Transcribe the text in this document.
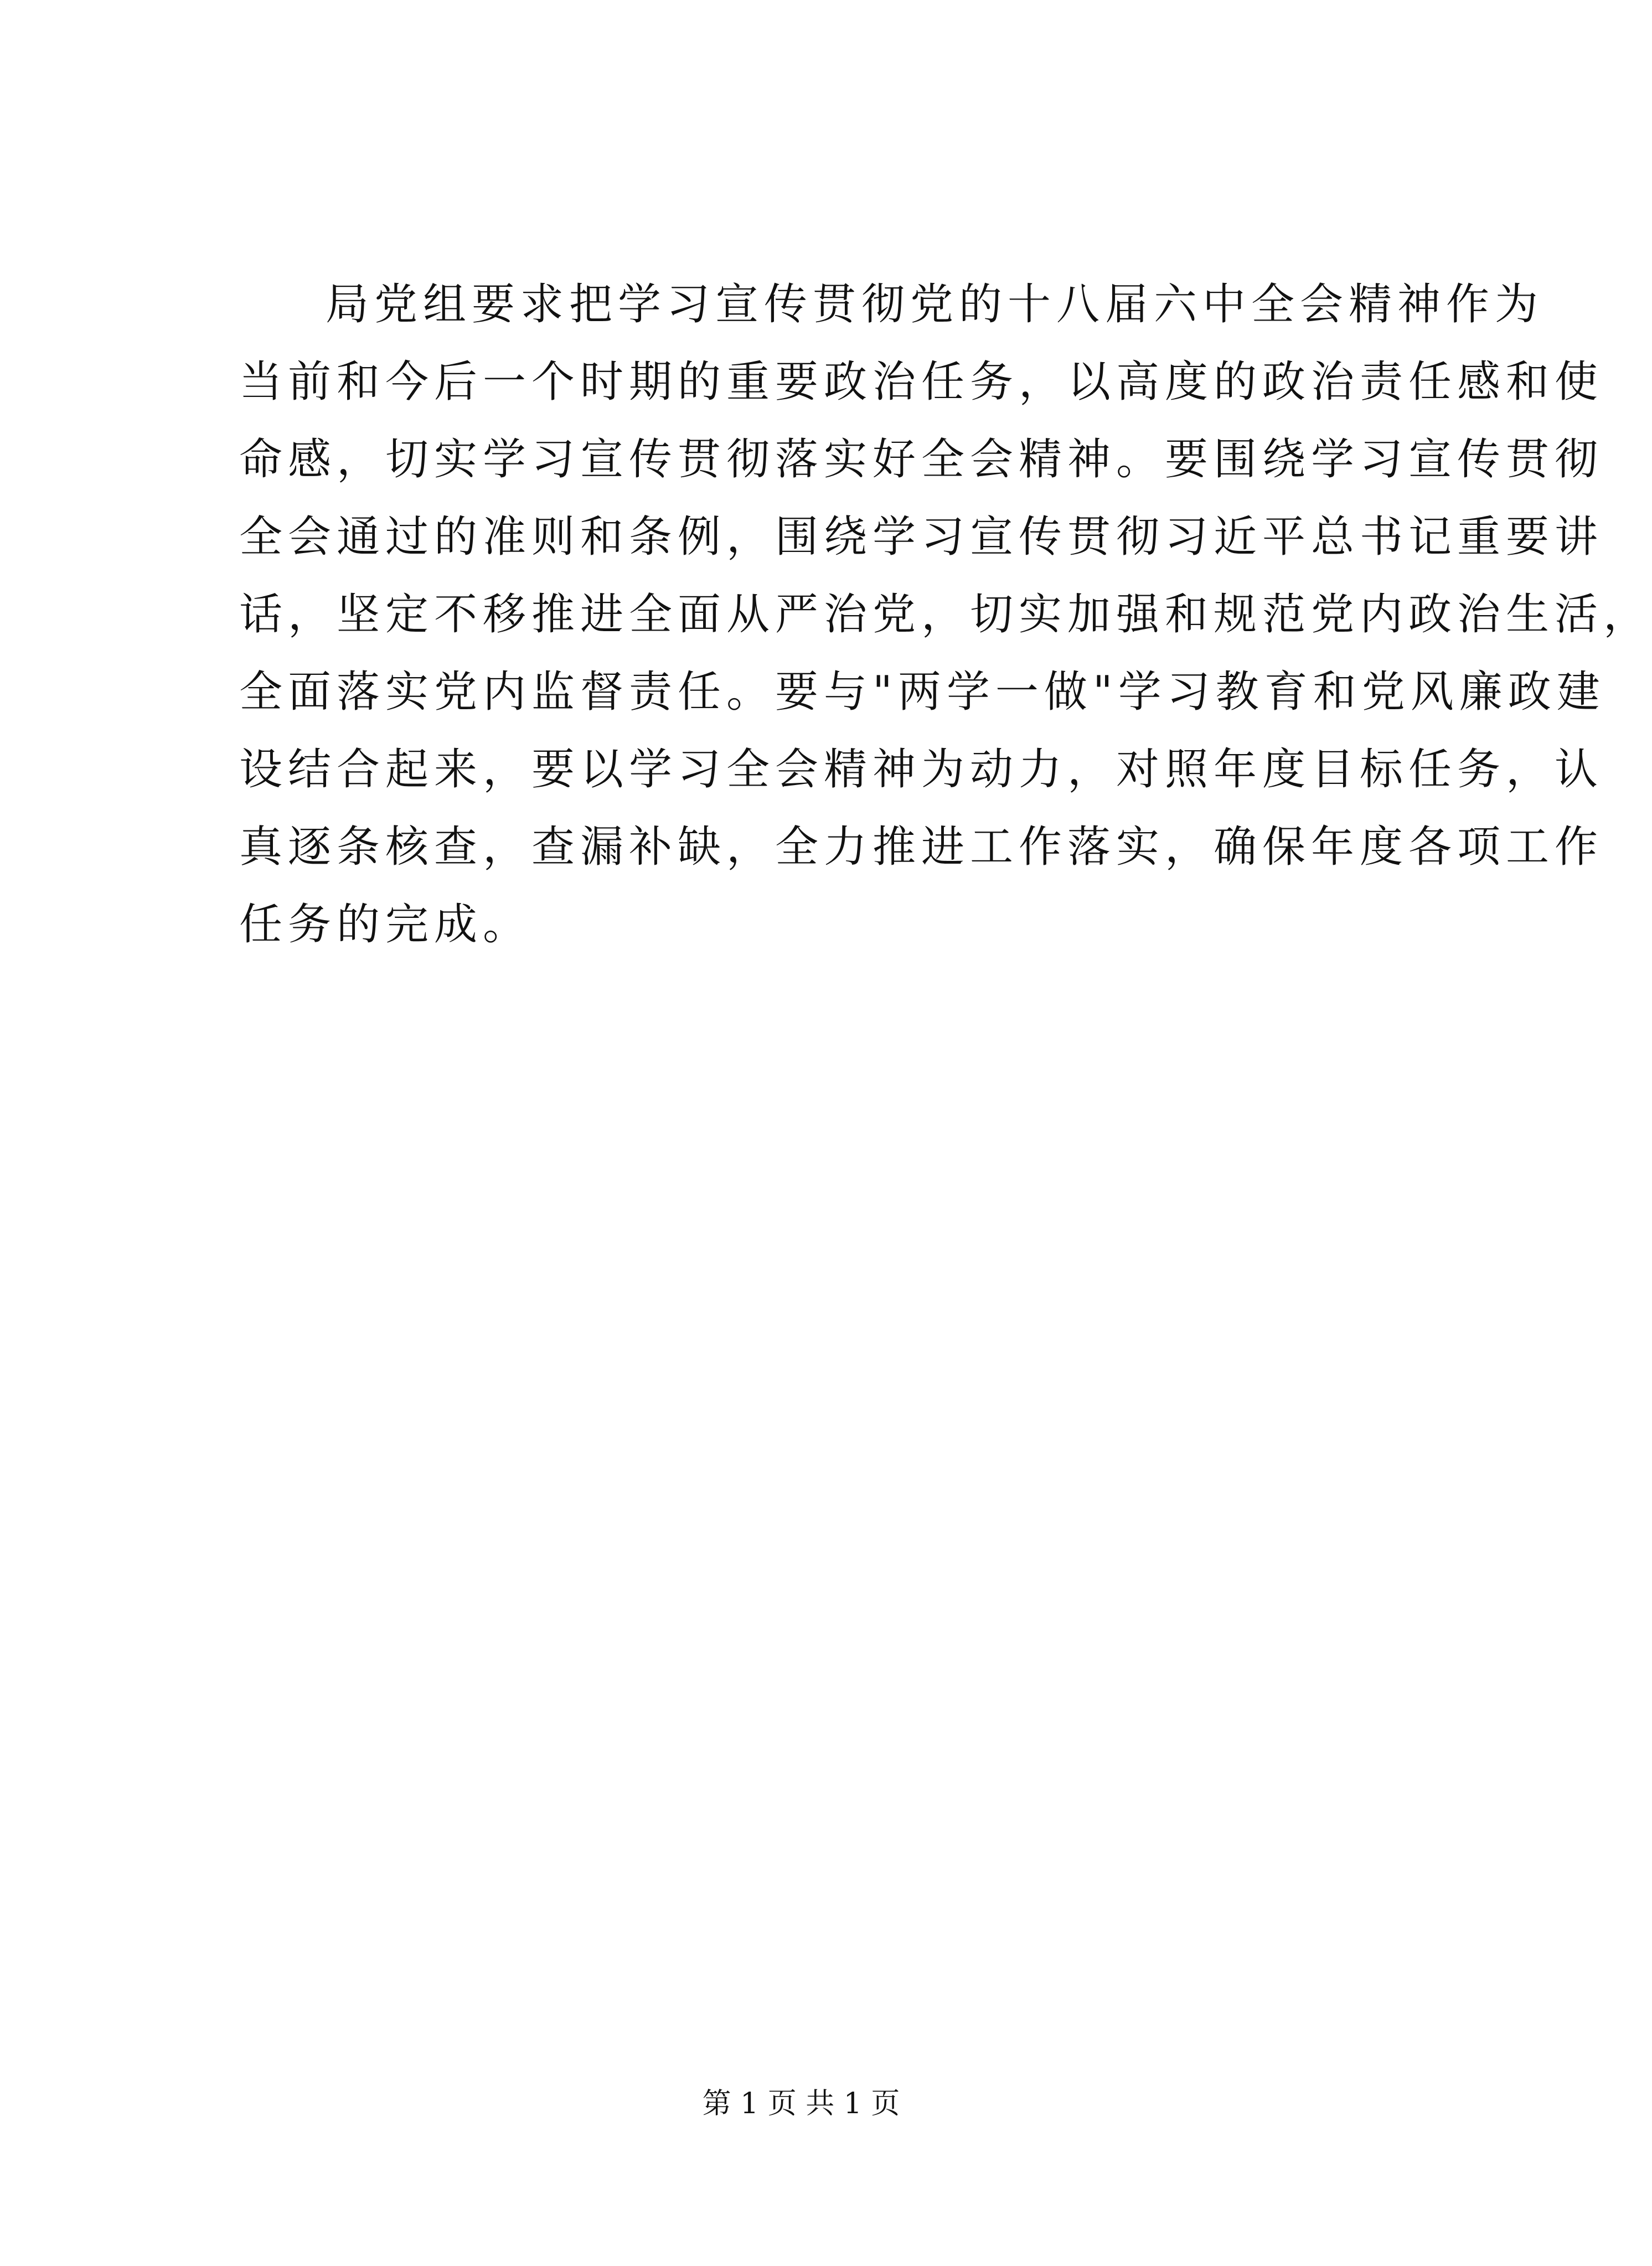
局党组要求把学习宣传贯彻党的十八届六中全会精神作为
当前和今后一个时期的重要政治任务，以高度的政治责任感和使
命感，切实学习宣传贯彻落实好全会精神。要围绕学习宣传贯彻
全会通过的准则和条例，围绕学习宣传贯彻习近平总书记重要讲
话，坚定不移推进全面从严治党，切实加强和规范党内政治生活，
全面落实党内监督责任。要与"两学一做"学习教育和党风廉政建
设结合起来，要以学习全会精神为动力，对照年度目标任务，认
真逐条核查，查漏补缺，全力推进工作落实，确保年度各项工作
任务的完成。
第 1 页 共 1 页
